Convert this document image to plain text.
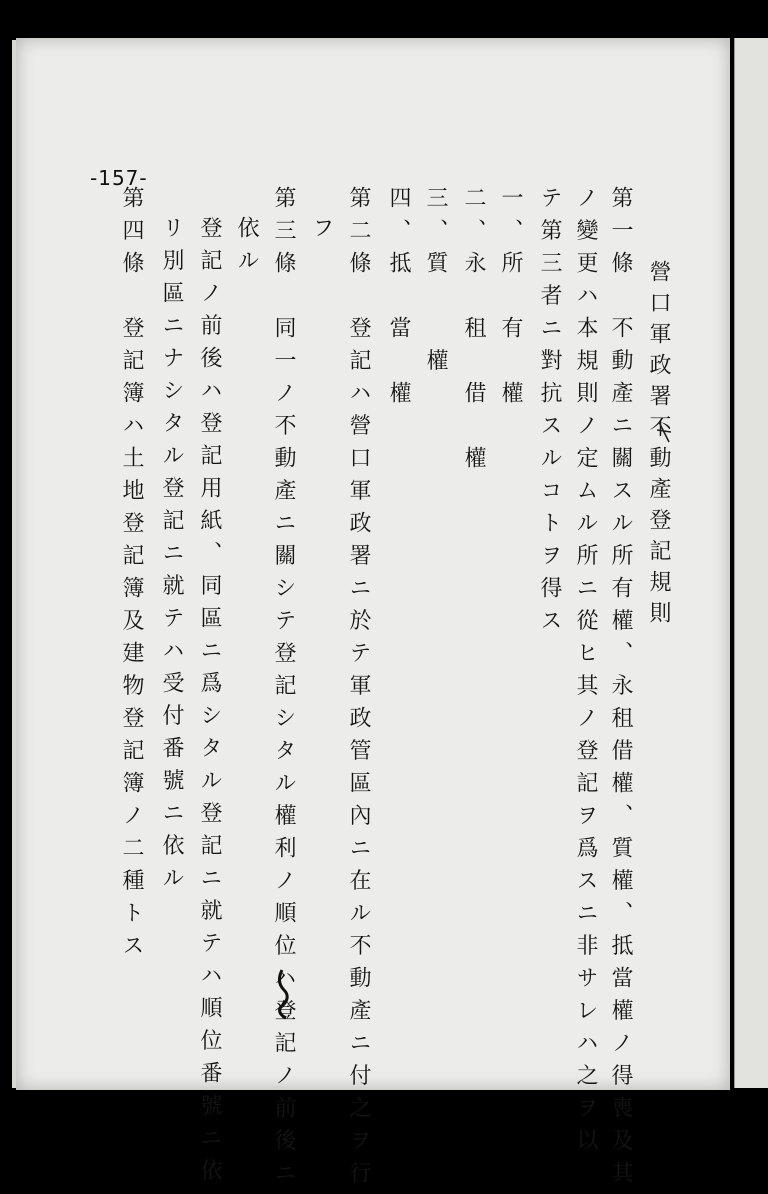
-157-
營口軍政署不動產登記規則
第一條　不動產ニ關スル所有權、永租借權、質權、抵當權ノ得喪及其
ノ變更ハ本規則ノ定ムル所ニ從ヒ其ノ登記ヲ爲スニ非サレハ之ヲ以
テ第三者ニ對抗スルコトヲ得ス
一、所　有　權
二、永　租　借　權
三、質　　權
四、抵　當　權
第二條　登記ハ營口軍政署ニ於テ軍政管區內ニ在ル不動產ニ付之ヲ行
フ
第三條　同一ノ不動產ニ關シテ登記シタル權利ノ順位ハ登記ノ前後ニ
依ル
登記ノ前後ハ登記用紙、同區ニ爲シタル登記ニ就テハ順位番號ニ依
リ別區ニナシタル登記ニ就テハ受付番號ニ依ル
第四條　登記簿ハ土地登記簿及建物登記簿ノ二種トス
